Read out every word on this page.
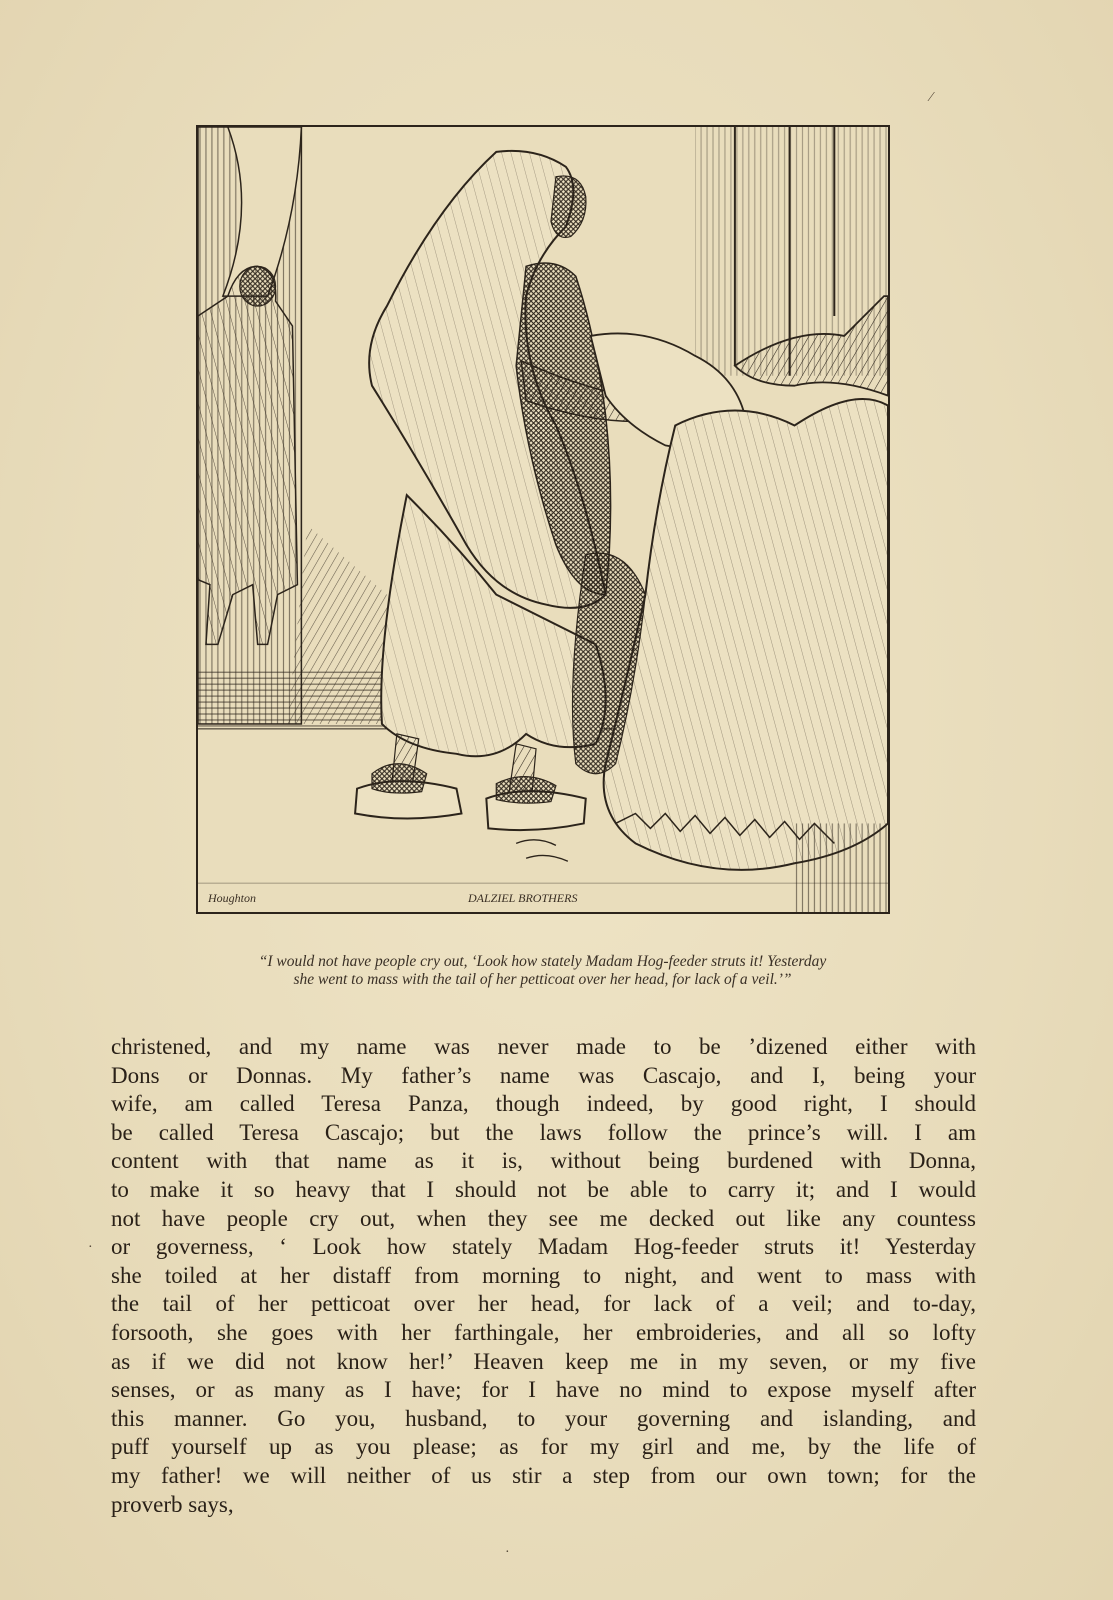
Houghton	DALZIEL BROTHERS
⁄
·
·
“I would not have people cry out, ‘Look how stately Madam Hog-feeder struts it! Yesterday
she went to mass with the tail of her petticoat over her head, for lack of a veil.’”
christened, and my name was never made to be ’dizened either with
Dons or Donnas. My father’s name was Cascajo, and I, being your
wife, am called Teresa Panza, though indeed, by good right, I should
be called Teresa Cascajo; but the laws follow the prince’s will. I am
content with that name as it is, without being burdened with Donna,
to make it so heavy that I should not be able to carry it; and I would
not have people cry out, when they see me decked out like any countess
or governess, ‘ Look how stately Madam Hog-feeder struts it! Yesterday
she toiled at her distaff from morning to night, and went to mass with
the tail of her petticoat over her head, for lack of a veil; and to-day,
forsooth, she goes with her farthingale, her embroideries, and all so lofty
as if we did not know her!’ Heaven keep me in my seven, or my five
senses, or as many as I have; for I have no mind to expose myself after
this manner. Go you, husband, to your governing and islanding, and
puff yourself up as you please; as for my girl and me, by the life of
my father! we will neither of us stir a step from our own town; for the
proverb says,
